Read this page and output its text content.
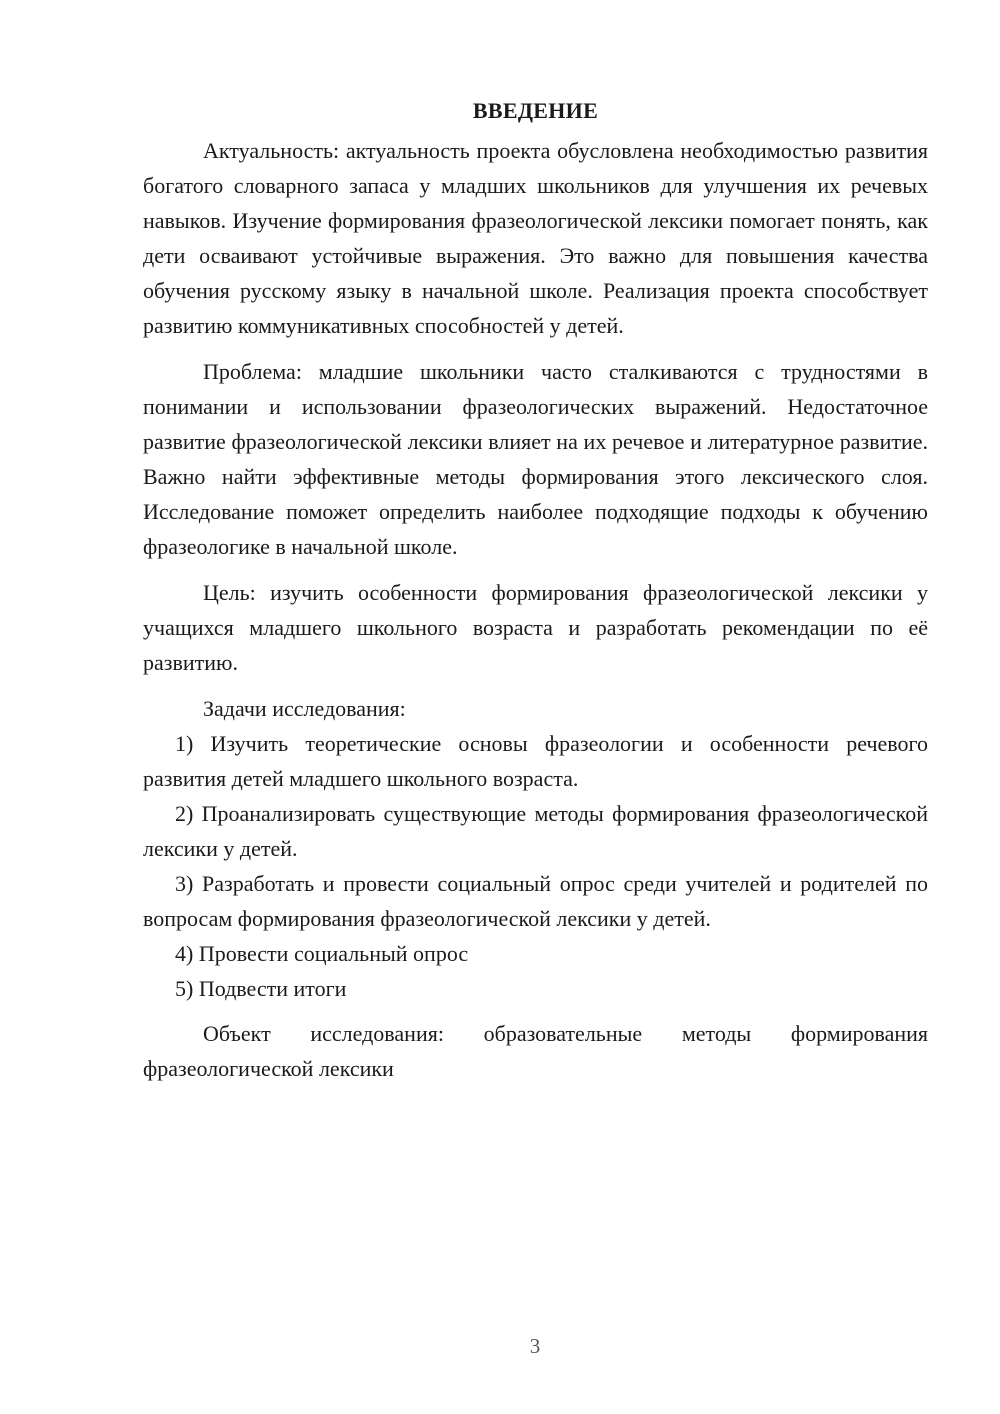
ВВЕДЕНИЕ

Актуальность: актуальность проекта обусловлена необходимостью развития богатого словарного запаса у младших школьников для улучшения их речевых навыков. Изучение формирования фразеологической лексики помогает понять, как дети осваивают устойчивые выражения. Это важно для повышения качества обучения русскому языку в начальной школе. Реализация проекта способствует развитию коммуникативных способностей у детей.

Проблема: младшие школьники часто сталкиваются с трудностями в понимании и использовании фразеологических выражений. Недостаточное развитие фразеологической лексики влияет на их речевое и литературное развитие. Важно найти эффективные методы формирования этого лексического слоя. Исследование поможет определить наиболее подходящие подходы к обучению фразеологике в начальной школе.

Цель: изучить особенности формирования фразеологической лексики у учащихся младшего школьного возраста и разработать рекомендации по её развитию.

Задачи исследования:

1) Изучить теоретические основы фразеологии и особенности речевого развития детей младшего школьного возраста.

2) Проанализировать существующие методы формирования фразеологической лексики у детей.

3) Разработать и провести социальный опрос среди учителей и родителей по вопросам формирования фразеологической лексики у детей.

4) Провести социальный опрос

5) Подвести итоги

Объект исследования: образовательные методы формирования фразеологической лексики

3
